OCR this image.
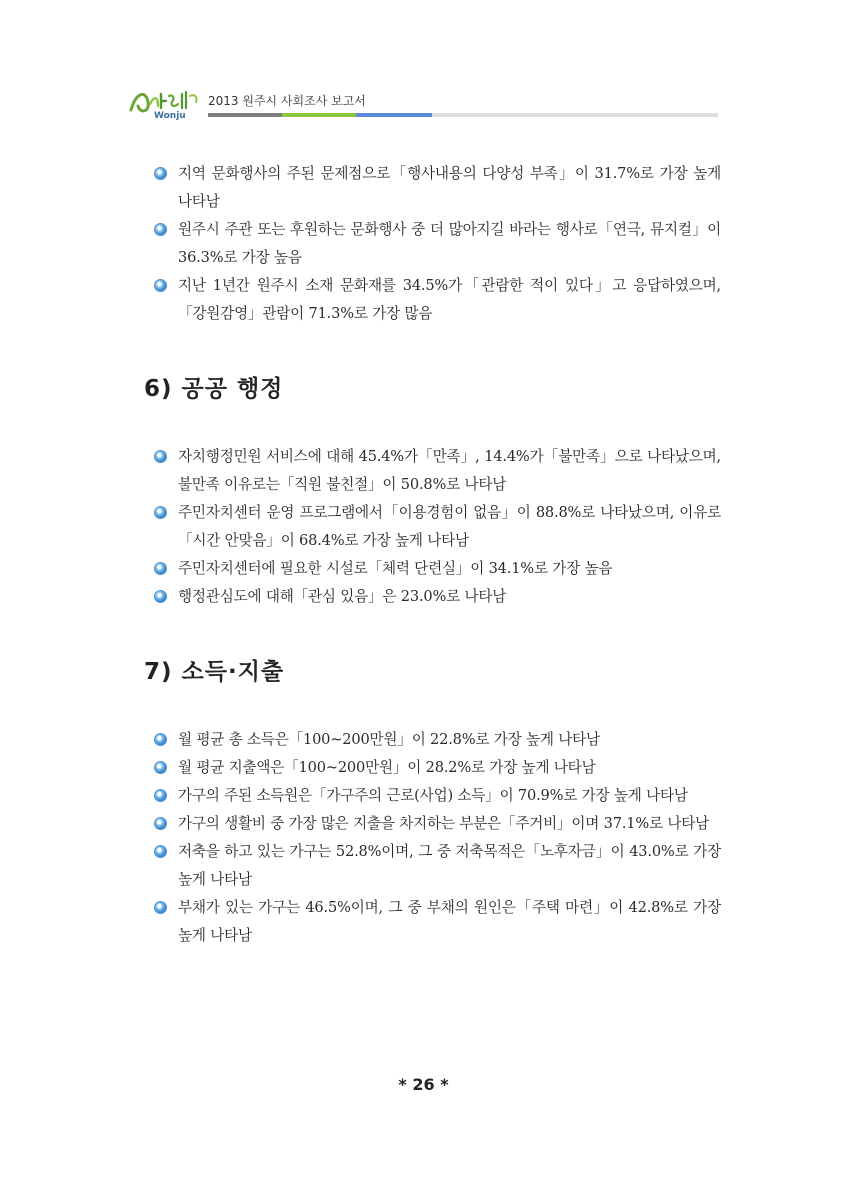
Wonju
2013 원주시 사회조사 보고서
지역 문화행사의 주된 문제점으로「행사내용의 다양성 부족」이 31.7%로 가장 높게 나타남
원주시 주관 또는 후원하는 문화행사 중 더 많아지길 바라는 행사로「연극, 뮤지컬」이 36.3%로 가장 높음
지난 1년간 원주시 소재 문화재를 34.5%가「관람한 적이 있다」고 응답하였으며, 「강원감영」관람이 71.3%로 가장 많음
6) 공공 행정
자치행정민원 서비스에 대해 45.4%가「만족」, 14.4%가「불만족」으로 나타났으며, 불만족 이유로는「직원 불친절」이 50.8%로 나타남
주민자치센터 운영 프로그램에서「이용경험이 없음」이 88.8%로 나타났으며, 이유로「시간 안맞음」이 68.4%로 가장 높게 나타남
주민자치센터에 필요한 시설로「체력 단련실」이 34.1%로 가장 높음
행정관심도에 대해「관심 있음」은 23.0%로 나타남
7) 소득·지출
월 평균 총 소득은「100~200만원」이 22.8%로 가장 높게 나타남
월 평균 지출액은「100~200만원」이 28.2%로 가장 높게 나타남
가구의 주된 소득원은「가구주의 근로(사업) 소득」이 70.9%로 가장 높게 나타남
가구의 생활비 중 가장 많은 지출을 차지하는 부분은「주거비」이며 37.1%로 나타남
저축을 하고 있는 가구는 52.8%이며, 그 중 저축목적은「노후자금」이 43.0%로 가장 높게 나타남
부채가 있는 가구는 46.5%이며, 그 중 부채의 원인은「주택 마련」이 42.8%로 가장 높게 나타남
* 26 *
